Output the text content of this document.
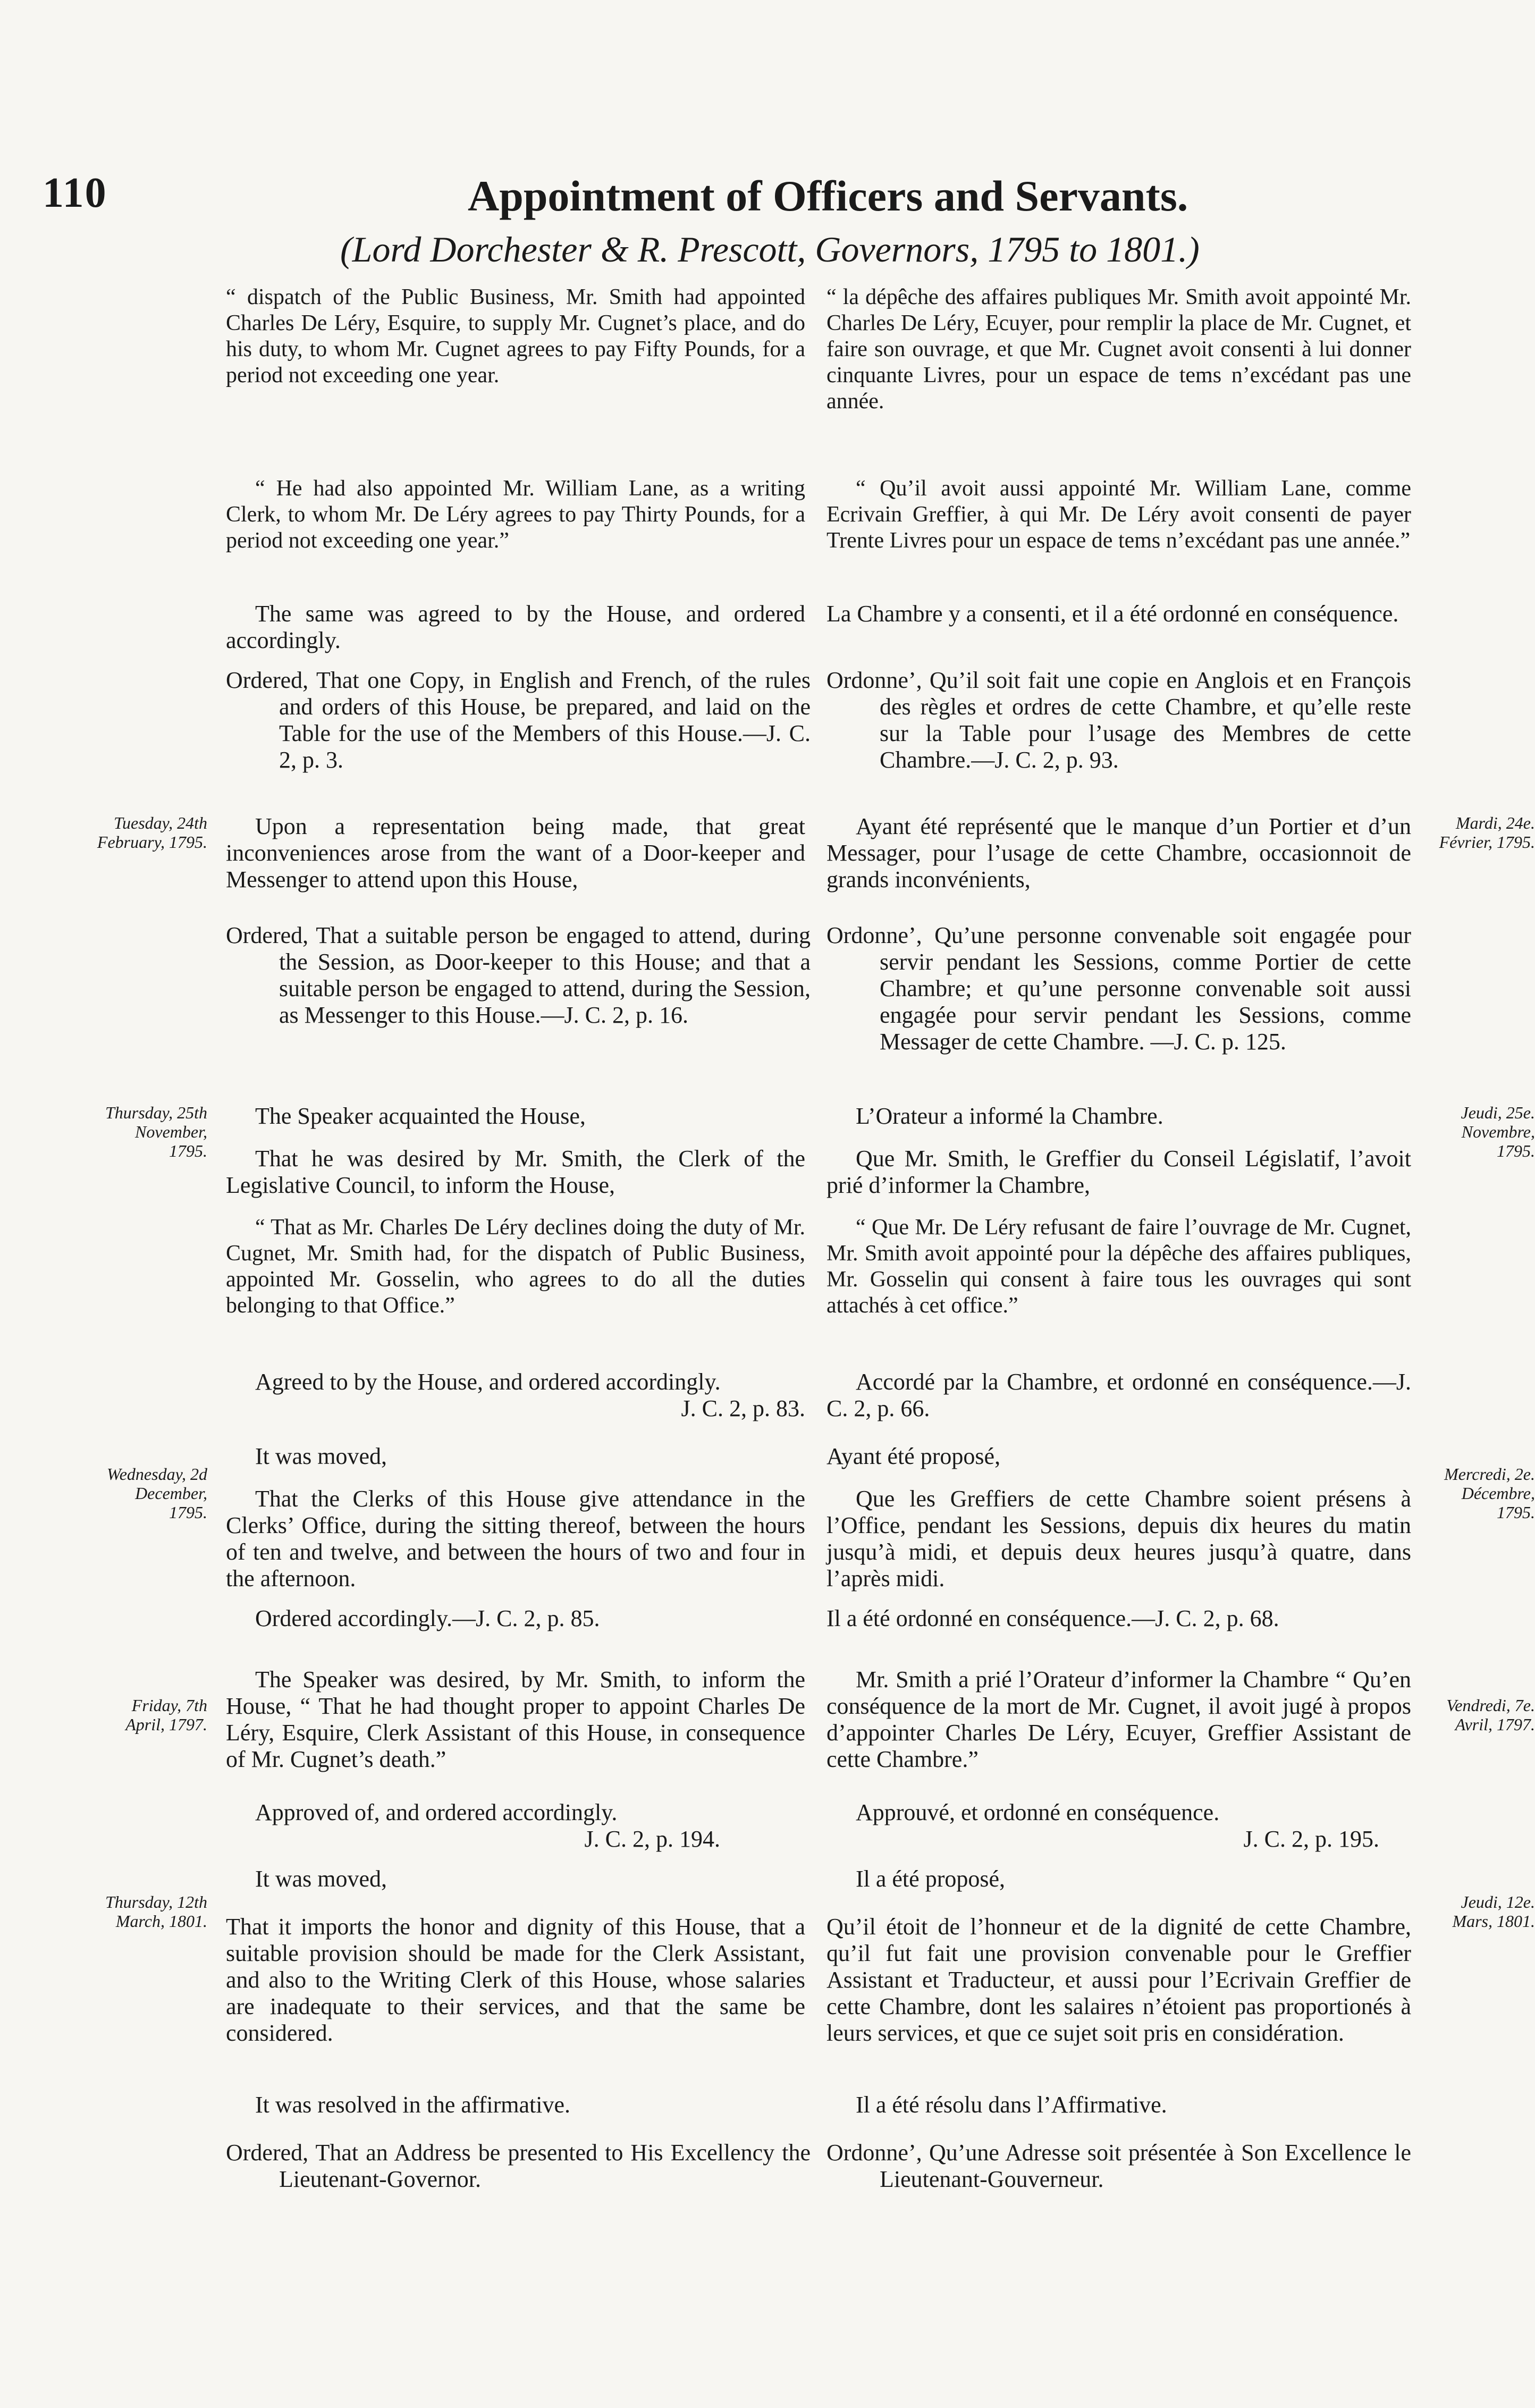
110	Appointment of Officers and Servants.
(Lord Dorchester & R. Prescott, Governors, 1795 to 1801.)
“ dispatch of the Public Business, Mr. Smith had appointed Charles De Léry, Esquire, to supply Mr. Cugnet’s place, and do his duty, to whom Mr. Cugnet agrees to pay Fifty Pounds, for a period not exceeding one year.
“ la dépêche des affaires publiques Mr. Smith avoit appointé Mr. Charles De Léry, Ecuyer, pour remplir la place de Mr. Cugnet, et faire son ouvrage, et que Mr. Cugnet avoit consenti à lui donner cinquante Livres, pour un espace de tems n’excédant pas une année.
“ He had also appointed Mr. William Lane, as a writing Clerk, to whom Mr. De Léry agrees to pay Thirty Pounds, for a period not exceeding one year.”
“ Qu’il avoit aussi appointé Mr. William Lane, comme Ecrivain Greffier, à qui Mr. De Léry avoit consenti de payer Trente Livres pour un espace de tems n’excédant pas une année.”
The same was agreed to by the House, and ordered accordingly.
La Chambre y a consenti, et il a été ordonné en conséquence.
Ordered, That one Copy, in English and French, of the rules and orders of this House, be prepared, and laid on the Table for the use of the Members of this House.—J. C. 2, p. 3.
Ordonne’, Qu’il soit fait une copie en Anglois et en François des règles et ordres de cette Chambre, et qu’elle reste sur la Table pour l’usage des Membres de cette Chambre.—J. C. 2, p. 93.
Tuesday, 24th February, 1795.
Upon a representation being made, that great inconveniences arose from the want of a Door-keeper and Messenger to attend upon this House,
Ayant été représenté que le manque d’un Portier et d’un Messager, pour l’usage de cette Chambre, occasionnoit de grands inconvénients,
Mardi, 24e. Février, 1795.
Ordered, That a suitable person be engaged to attend, during the Session, as Door-keeper to this House; and that a suitable person be engaged to attend, during the Session, as Messenger to this House.—J. C. 2, p. 16.
Ordonne’, Qu’une personne convenable soit engagée pour servir pendant les Sessions, comme Portier de cette Chambre; et qu’une personne convenable soit aussi engagée pour servir pendant les Sessions, comme Messager de cette Chambre. —J. C. p. 125.
Thursday, 25th November, 1795.
The Speaker acquainted the House,	L’Orateur a informé la Chambre.	Jeudi, 25e. Novembre, 1795.
That he was desired by Mr. Smith, the Clerk of the Legislative Council, to inform the House,
Que Mr. Smith, le Greffier du Conseil Législatif, l’avoit prié d’informer la Chambre,
“ That as Mr. Charles De Léry declines doing the duty of Mr. Cugnet, Mr. Smith had, for the dispatch of Public Business, appointed Mr. Gosselin, who agrees to do all the duties belonging to that Office.”
“ Que Mr. De Léry refusant de faire l’ouvrage de Mr. Cugnet, Mr. Smith avoit appointé pour la dépêche des affaires publiques, Mr. Gosselin qui consent à faire tous les ouvrages qui sont attachés à cet office.”
Agreed to by the House, and ordered accordingly.
J. C. 2, p. 83.
Accordé par la Chambre, et ordonné en conséquence.—J. C. 2, p. 66.
Wednesday, 2d December, 1795.
It was moved,	Ayant été proposé,
Mercredi, 2e. Décembre, 1795.
That the Clerks of this House give attendance in the Clerks’ Office, during the sitting thereof, between the hours of ten and twelve, and between the hours of two and four in the afternoon.
Que les Greffiers de cette Chambre soient présens à l’Office, pendant les Sessions, depuis dix heures du matin jusqu’à midi, et depuis deux heures jusqu’à quatre, dans l’après midi.
Ordered accordingly.—J. C. 2, p. 85.	Il a été ordonné en conséquence.—J. C. 2, p. 68.
Friday, 7th April, 1797.
The Speaker was desired, by Mr. Smith, to inform the House, “ That he had thought proper to appoint Charles De Léry, Esquire, Clerk Assistant of this House, in consequence of Mr. Cugnet’s death.”
Mr. Smith a prié l’Orateur d’informer la Chambre “ Qu’en conséquence de la mort de Mr. Cugnet, il avoit jugé à propos d’appointer Charles De Léry, Ecuyer, Greffier Assistant de cette Chambre.”
Vendredi, 7e. Avril, 1797.
Approved of, and ordered accordingly.
J. C. 2, p. 194.
Approuvé, et ordonné en conséquence.
J. C. 2, p. 195.
Thursday, 12th March, 1801.
It was moved,	Il a été proposé,
Jeudi, 12e. Mars, 1801.
That it imports the honor and dignity of this House, that a suitable provision should be made for the Clerk Assistant, and also to the Writing Clerk of this House, whose salaries are inadequate to their services, and that the same be considered.
Qu’il étoit de l’honneur et de la dignité de cette Chambre, qu’il fut fait une provision convenable pour le Greffier Assistant et Traducteur, et aussi pour l’Ecrivain Greffier de cette Chambre, dont les salaires n’étoient pas proportionés à leurs services, et que ce sujet soit pris en considération.
It was resolved in the affirmative.	Il a été résolu dans l’Affirmative.
Ordered, That an Address be presented to His Excellency the Lieutenant-Governor.
Ordonne’, Qu’une Adresse soit présentée à Son Excellence le Lieutenant-Gouverneur.
